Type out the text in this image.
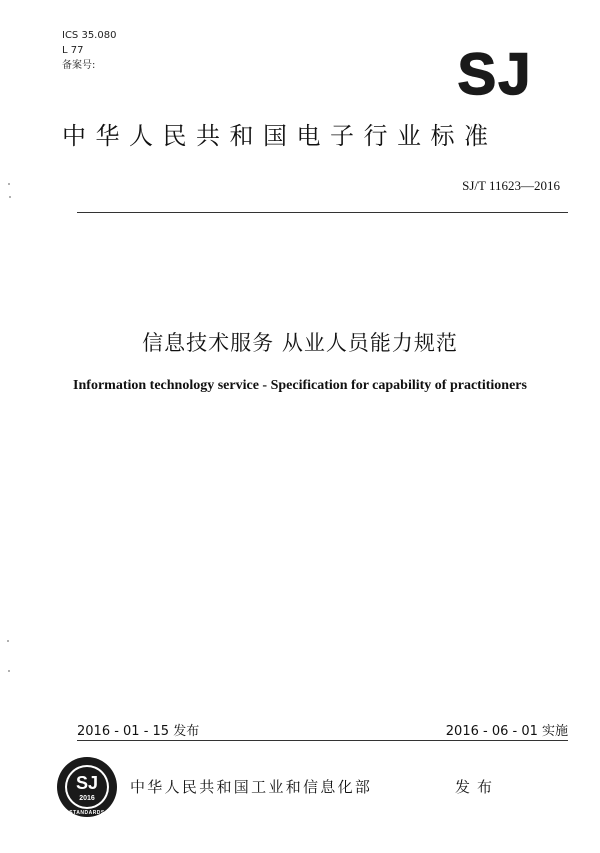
ICS 35.080
L 77
备案号:	SJ
中华人民共和国电子行业标准
SJ/T 11623—2016
信息技术服务 从业人员能力规范
Information technology service - Specification for capability of practitioners
2016 - 01 - 15 发布	2016 - 06 - 01 实施
SJ
2016
STANDARDS
中华人民共和国工业和信息化部	发布
